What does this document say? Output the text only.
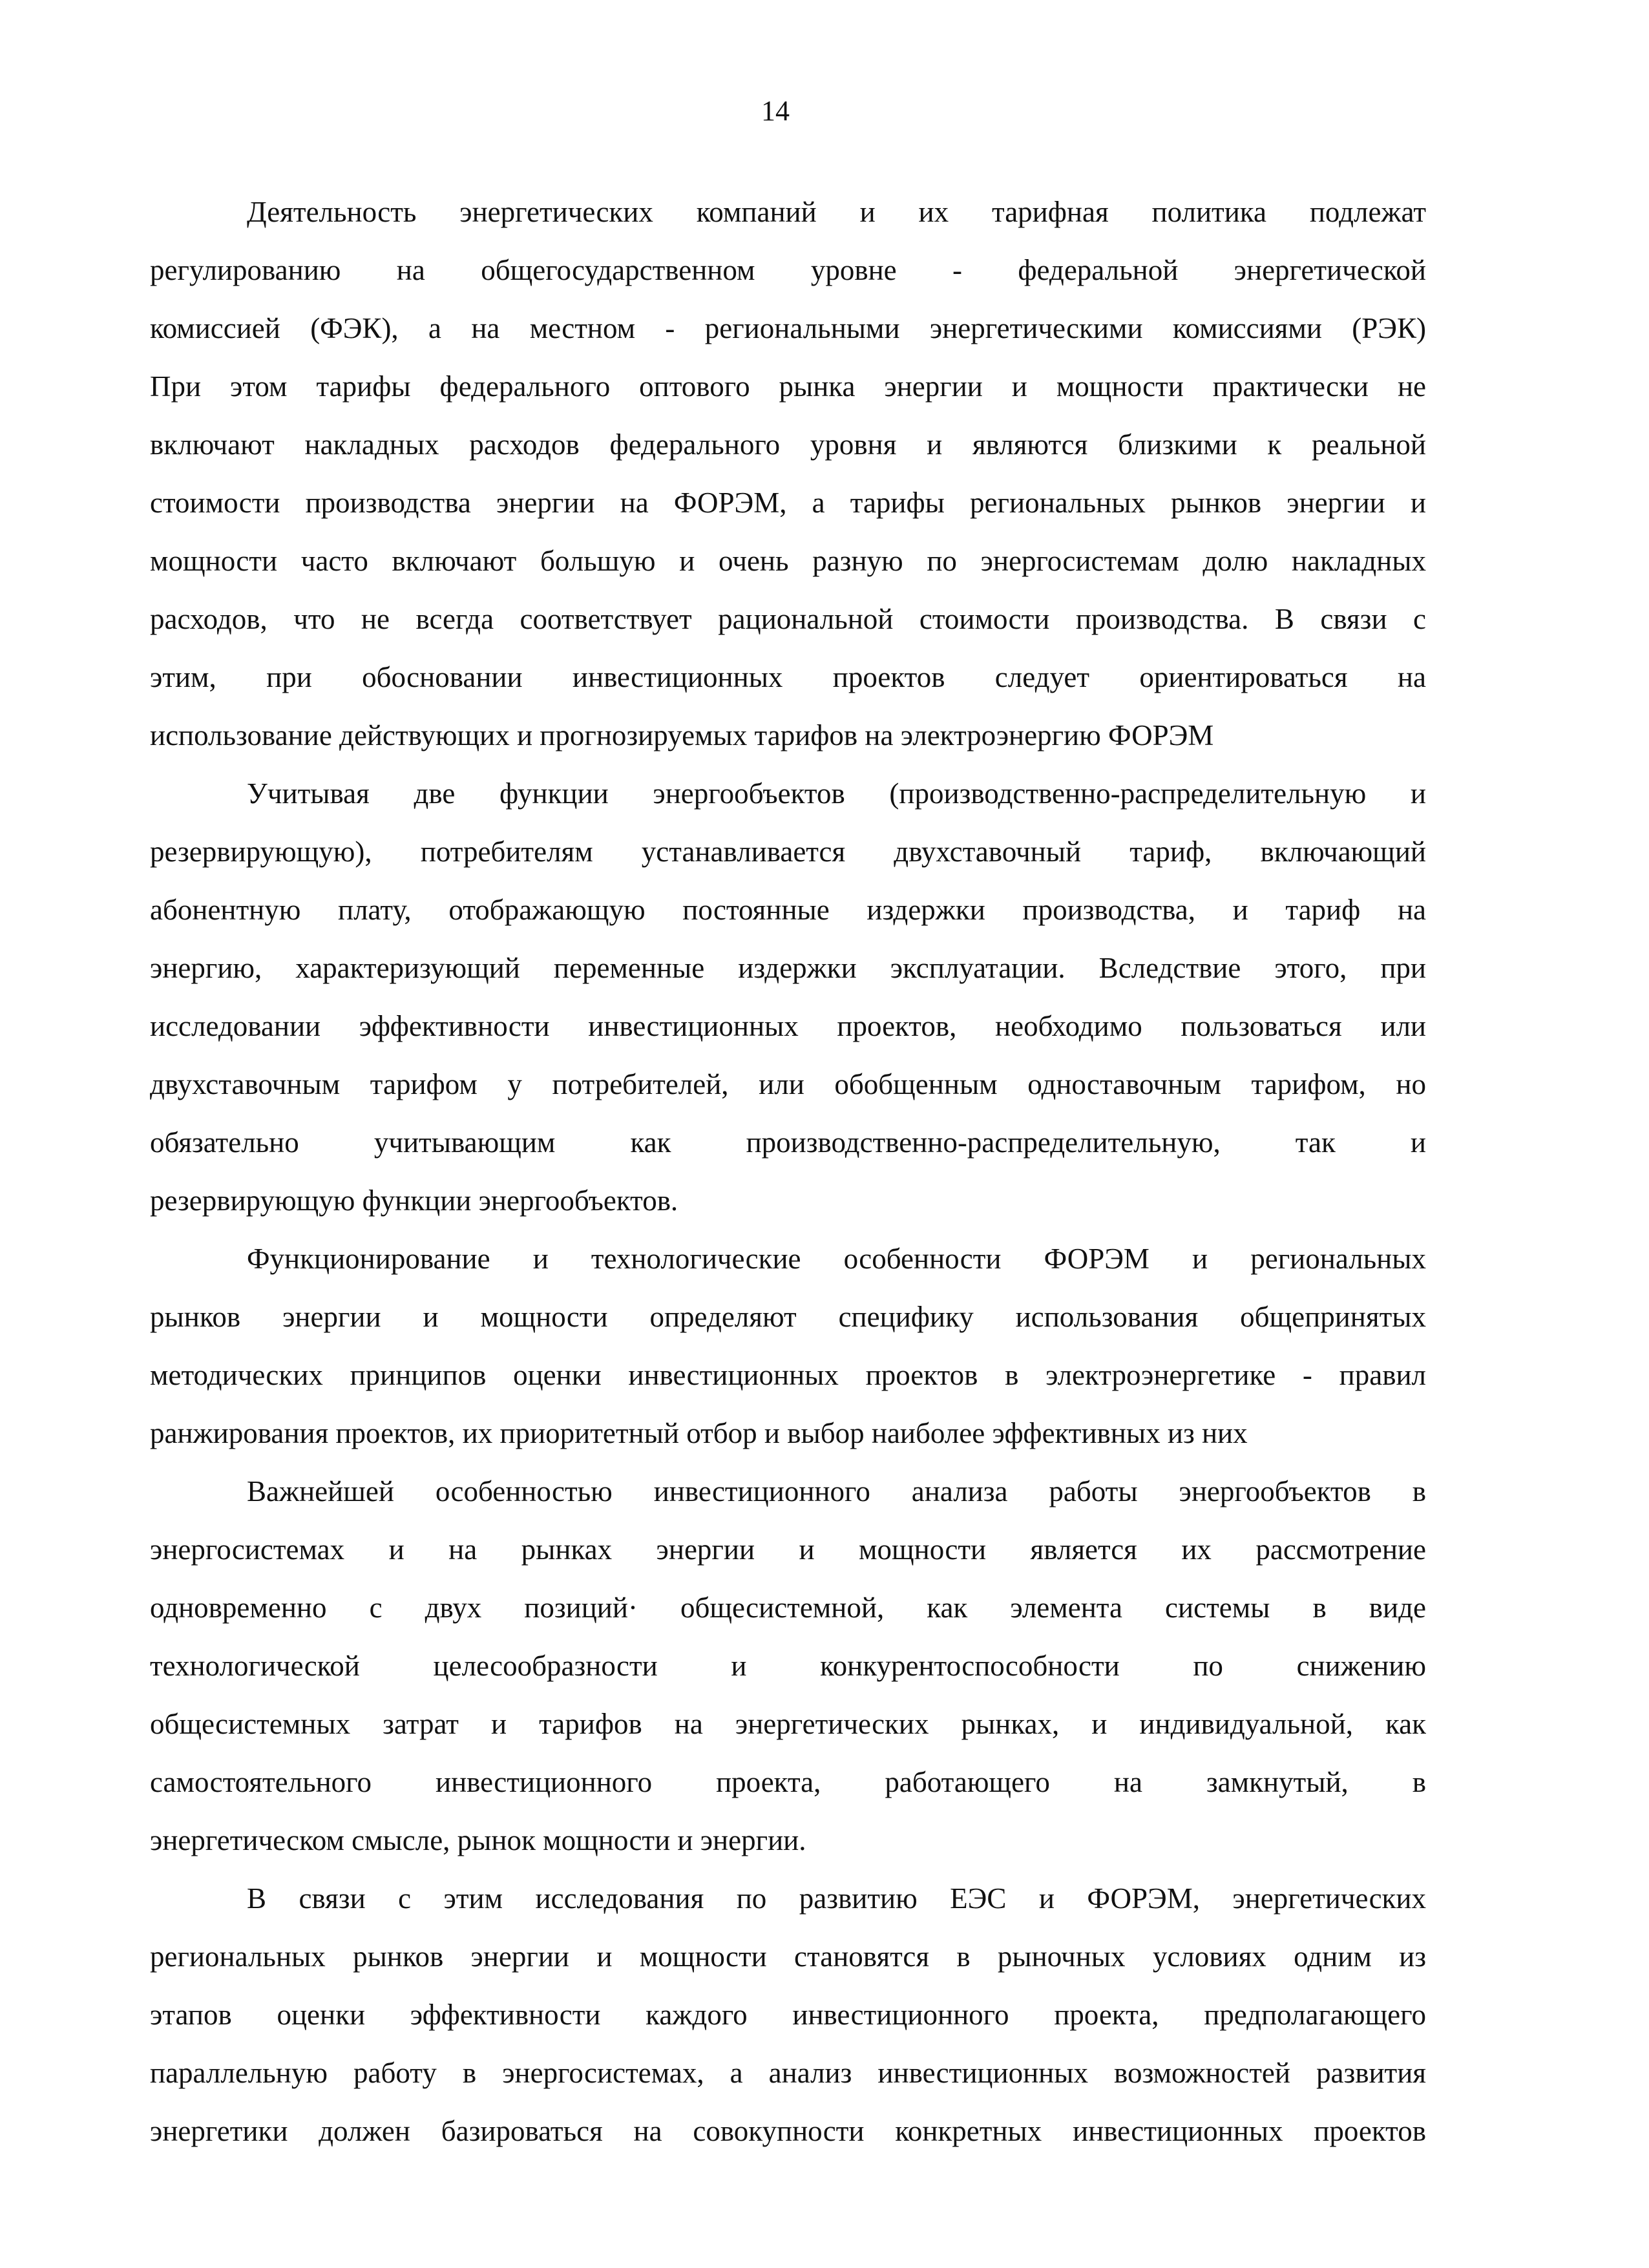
14
Деятельность энергетических компаний и их тарифная политика подлежат
регулированию на общегосударственном уровне - федеральной энергетической
комиссией (ФЭК), а на местном - региональными энергетическими комиссиями (РЭК)
При этом тарифы федерального оптового рынка энергии и мощности практически не
включают накладных расходов федерального уровня и являются близкими к реальной
стоимости производства энергии на ФОРЭМ, а тарифы региональных рынков энергии и
мощности часто включают большую и очень разную по энергосистемам долю накладных
расходов, что не всегда соответствует рациональной стоимости производства. В связи с
этим, при обосновании инвестиционных проектов следует ориентироваться на
использование действующих и прогнозируемых тарифов на электроэнергию ФОРЭМ
Учитывая две функции энергообъектов (производственно-распределительную и
резервирующую), потребителям устанавливается двухставочный тариф, включающий
абонентную плату, отображающую постоянные издержки производства, и тариф на
энергию, характеризующий переменные издержки эксплуатации. Вследствие этого, при
исследовании эффективности инвестиционных проектов, необходимо пользоваться или
двухставочным тарифом у потребителей, или обобщенным одноставочным тарифом, но
обязательно учитывающим как производственно-распределительную, так и
резервирующую функции энергообъектов.
Функционирование и технологические особенности ФОРЭМ и региональных
рынков энергии и мощности определяют специфику использования общепринятых
методических принципов оценки инвестиционных проектов в электроэнергетике - правил
ранжирования проектов, их приоритетный отбор и выбор наиболее эффективных из них
Важнейшей особенностью инвестиционного анализа работы энергообъектов в
энергосистемах и на рынках энергии и мощности является их рассмотрение
одновременно с двух позиций· общесистемной, как элемента системы в виде
технологической целесообразности и конкурентоспособности по снижению
общесистемных затрат и тарифов на энергетических рынках, и индивидуальной, как
самостоятельного инвестиционного проекта, работающего на замкнутый, в
энергетическом смысле, рынок мощности и энергии.
В связи с этим исследования по развитию ЕЭС и ФОРЭМ, энергетических
региональных рынков энергии и мощности становятся в рыночных условиях одним из
этапов оценки эффективности каждого инвестиционного проекта, предполагающего
параллельную работу в энергосистемах, а анализ инвестиционных возможностей развития
энергетики должен базироваться на совокупности конкретных инвестиционных проектов
